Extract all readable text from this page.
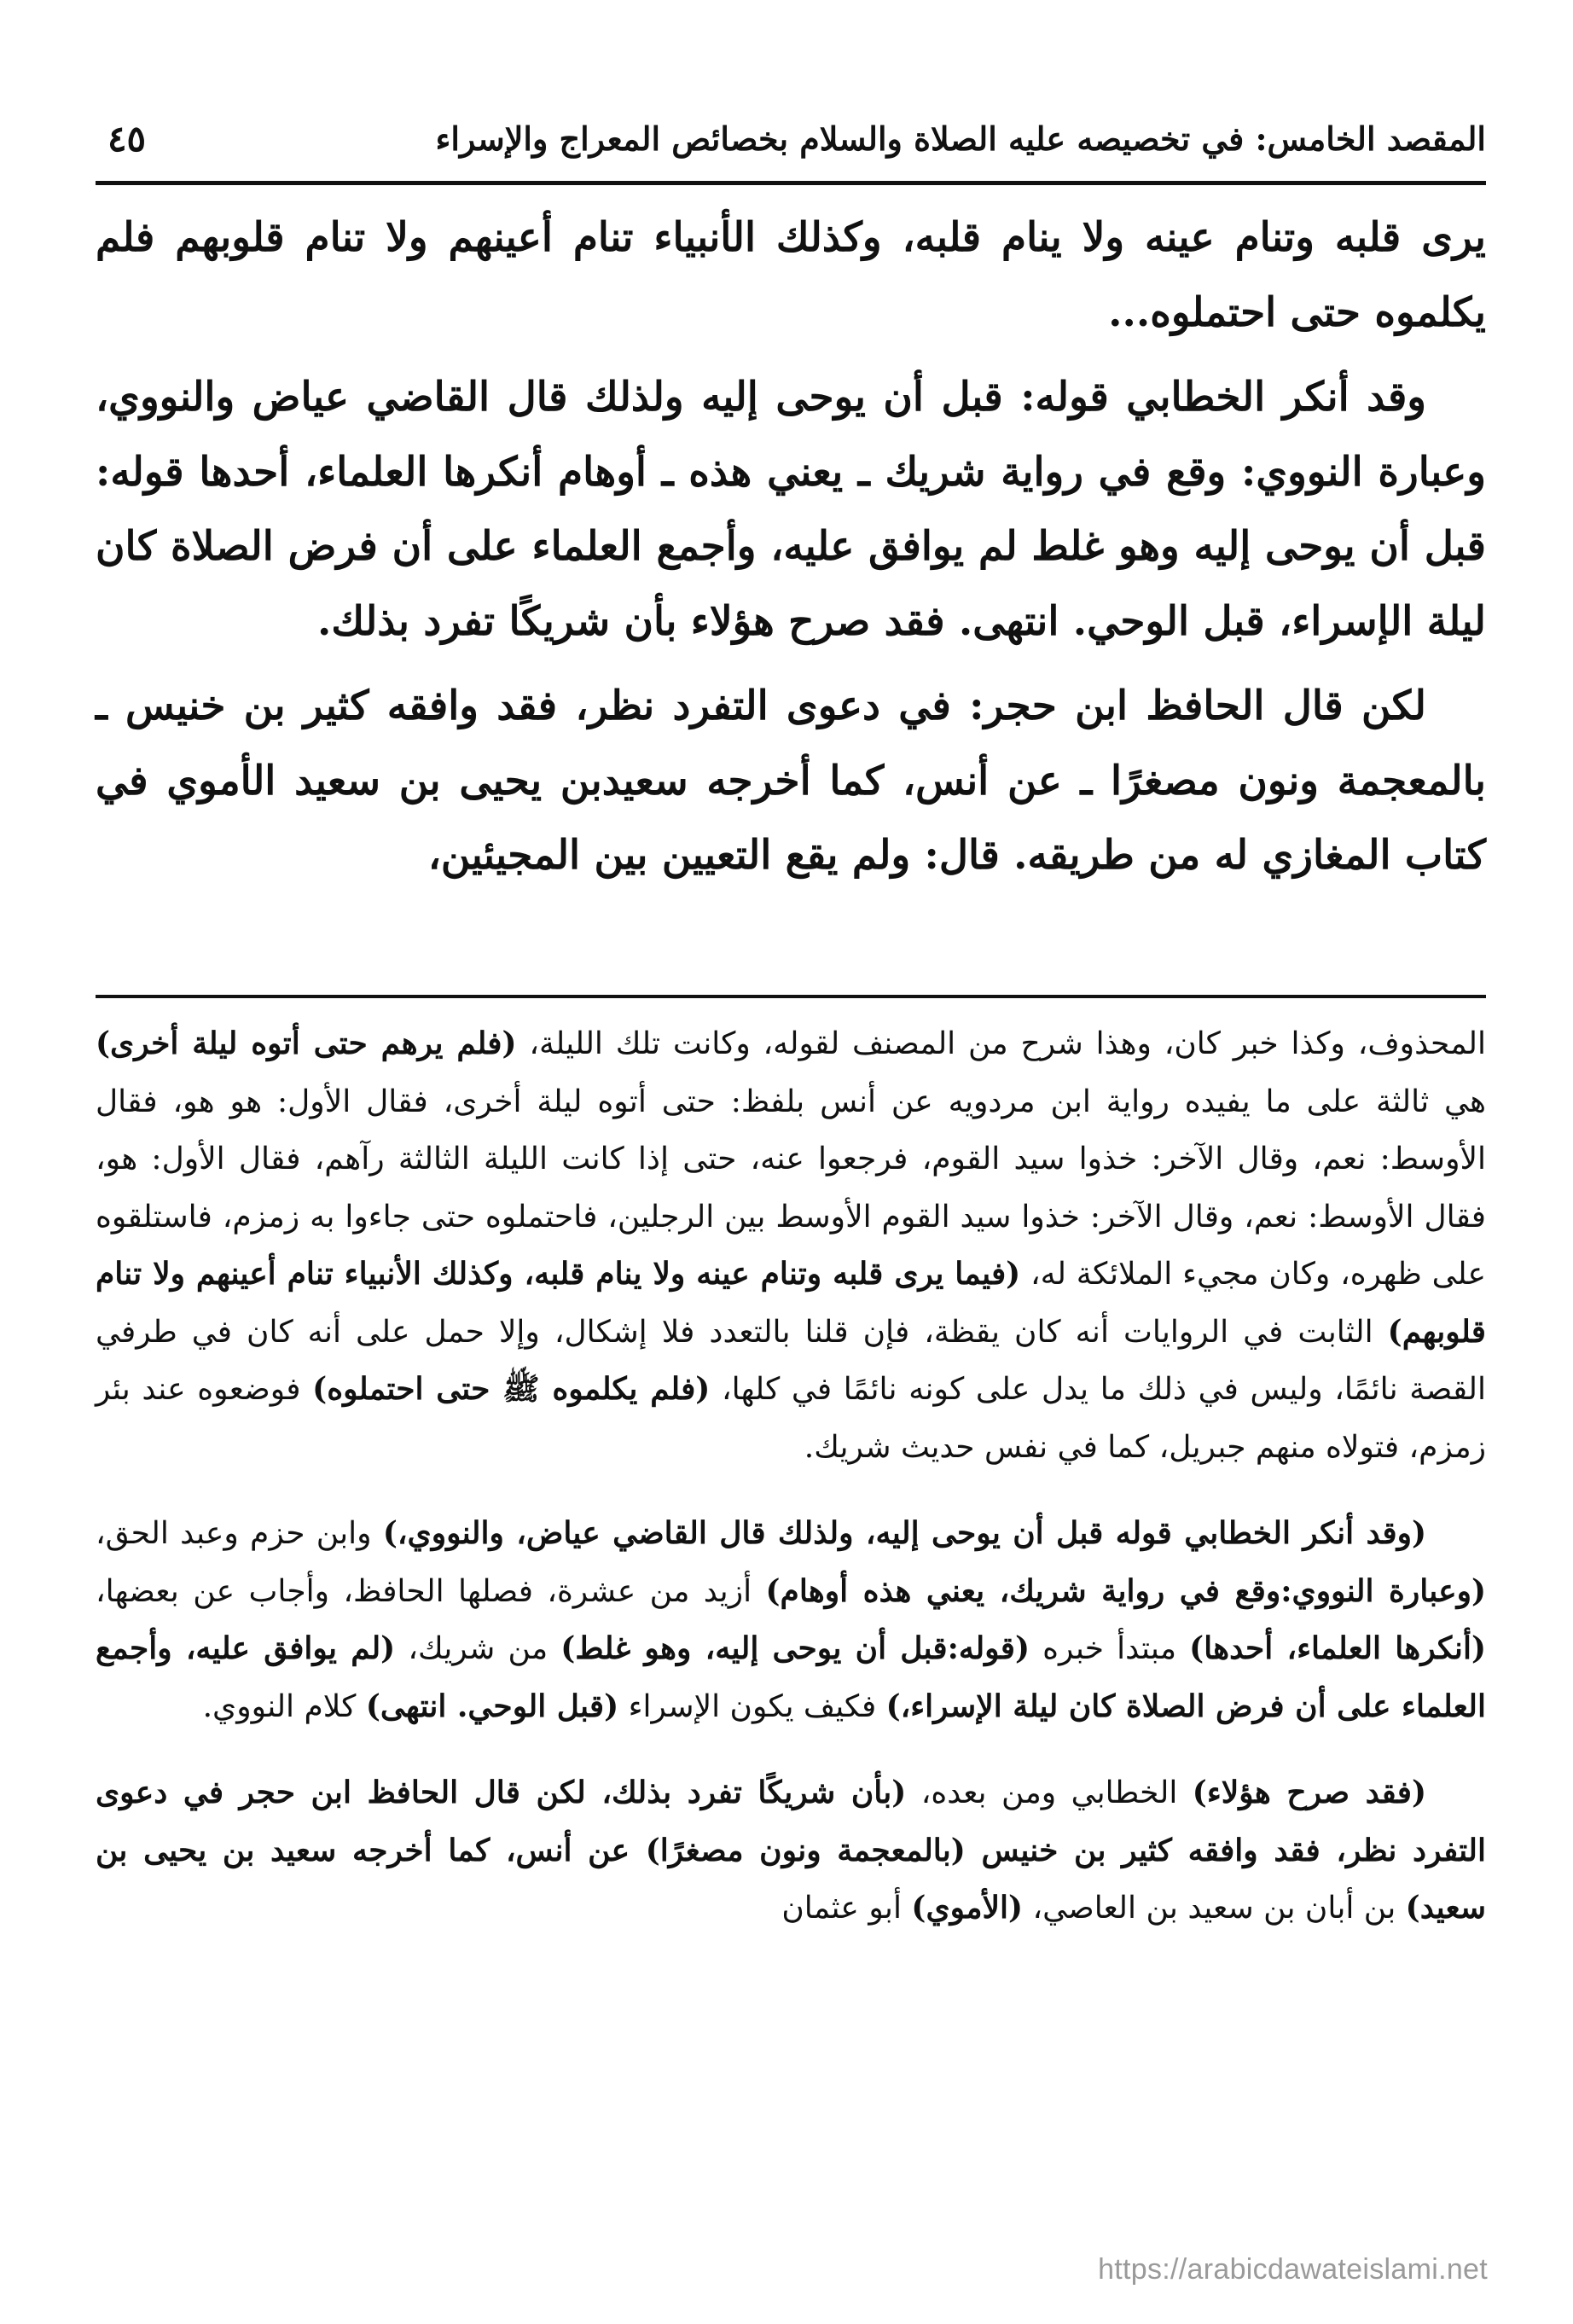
٤٥	المقصد الخامس: في تخصيصه عليه الصلاة والسلام بخصائص المعراج والإسراء

يرى قلبه وتنام عينه ولا ينام قلبه، وكذلك الأنبياء تنام أعينهم ولا تنام قلوبهم فلم يكلموه حتى احتملوه...

وقد أنكر الخطابي قوله: قبل أن يوحى إليه ولذلك قال القاضي عياض والنووي، وعبارة النووي: وقع في رواية شريك ـ يعني هذه ـ أوهام أنكرها العلماء، أحدها قوله: قبل أن يوحى إليه وهو غلط لم يوافق عليه، وأجمع العلماء على أن فرض الصلاة كان ليلة الإسراء، قبل الوحي. انتهى. فقد صرح هؤلاء بأن شريكًا تفرد بذلك.

لكن قال الحافظ ابن حجر: في دعوى التفرد نظر، فقد وافقه كثير بن خنيس ـ بالمعجمة ونون مصغرًا ـ عن أنس، كما أخرجه سعيدبن يحيى بن سعيد الأموي في كتاب المغازي له من طريقه. قال: ولم يقع التعيين بين المجيئين،

المحذوف، وكذا خبر كان، وهذا شرح من المصنف لقوله، وكانت تلك الليلة، (فلم يرهم حتى أتوه ليلة أخرى) هي ثالثة على ما يفيده رواية ابن مردويه عن أنس بلفظ: حتى أتوه ليلة أخرى، فقال الأول: هو هو، فقال الأوسط: نعم، وقال الآخر: خذوا سيد القوم، فرجعوا عنه، حتى إذا كانت الليلة الثالثة رآهم، فقال الأول: هو، فقال الأوسط: نعم، وقال الآخر: خذوا سيد القوم الأوسط بين الرجلين، فاحتملوه حتى جاءوا به زمزم، فاستلقوه على ظهره، وكان مجيء الملائكة له، (فيما يرى قلبه وتنام عينه ولا ينام قلبه، وكذلك الأنبياء تنام أعينهم ولا تنام قلوبهم) الثابت في الروايات أنه كان يقظة، فإن قلنا بالتعدد فلا إشكال، وإلا حمل على أنه كان في طرفي القصة نائمًا، وليس في ذلك ما يدل على كونه نائمًا في كلها، (فلم يكلموه ﷺ حتى احتملوه) فوضعوه عند بئر زمزم، فتولاه منهم جبريل، كما في نفس حديث شريك.

(وقد أنكر الخطابي قوله قبل أن يوحى إليه، ولذلك قال القاضي عياض، والنووي،) وابن حزم وعبد الحق، (وعبارة النووي:وقع في رواية شريك، يعني هذه أوهام) أزيد من عشرة، فصلها الحافظ، وأجاب عن بعضها، (أنكرها العلماء، أحدها) مبتدأ خبره (قوله:قبل أن يوحى إليه، وهو غلط) من شريك، (لم يوافق عليه، وأجمع العلماء على أن فرض الصلاة كان ليلة الإسراء،) فكيف يكون الإسراء (قبل الوحي. انتهى) كلام النووي.

(فقد صرح هؤلاء) الخطابي ومن بعده، (بأن شريكًا تفرد بذلك، لكن قال الحافظ ابن حجر في دعوى التفرد نظر، فقد وافقه كثير بن خنيس (بالمعجمة ونون مصغرًا) عن أنس، كما أخرجه سعيد بن يحيى بن سعيد) بن أبان بن سعيد بن العاصي، (الأموي) أبو عثمان

https://arabicdawateislami.net
